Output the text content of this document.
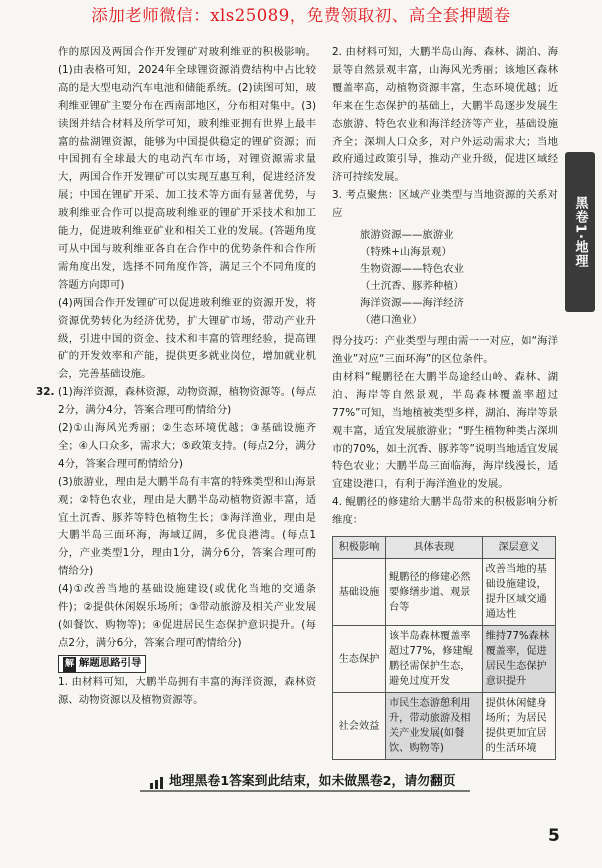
添加老师微信：xls25089，免费领取初、高全套押题卷

作的原因及两国合作开发锂矿对玻利维亚的积极影响。(1)由表格可知，2024年全球锂资源消费结构中占比较高的是大型电动汽车电池和储能系统。(2)读图可知，玻利维亚锂矿主要分布在西南部地区，分布相对集中。(3)读图并结合材料及所学可知，玻利维亚拥有世界上最丰富的盐湖锂资源，能够为中国提供稳定的锂矿资源；而中国拥有全球最大的电动汽车市场，对锂资源需求量大，两国合作开发锂矿可以实现互惠互利，促进经济发展；中国在锂矿开采、加工技术等方面有显著优势，与玻利维亚合作可以提高玻利维亚的锂矿开采技术和加工能力，促进玻利维亚矿业和相关工业的发展。(答题角度可从中国与玻利维亚各自在合作中的优势条件和合作所需角度出发，选择不同角度作答，满足三个不同角度的答题方向即可)

(4)两国合作开发锂矿可以促进玻利维亚的资源开发，将资源优势转化为经济优势，扩大锂矿市场，带动产业升级，引进中国的资金、技术和丰富的管理经验，提高锂矿的开发效率和产能，提供更多就业岗位，增加就业机会，完善基础设施。

32. (1)海洋资源，森林资源，动物资源，植物资源等。(每点2分，满分4分，答案合理可酌情给分)

(2)①山海风光秀丽；②生态环境优越；③基础设施齐全；④人口众多，需求大；⑤政策支持。(每点2分，满分4分，答案合理可酌情给分)

(3)旅游业，理由是大鹏半岛有丰富的特殊类型和山海景观；②特色农业，理由是大鹏半岛动植物资源丰富，适宜土沉香、豚荞等特色植物生长；③海洋渔业，理由是大鹏半岛三面环海，海域辽阔，多优良港湾。(每点1分，产业类型1分，理由1分，满分6分，答案合理可酌情给分)

(4)①改善当地的基础设施建设(或优化当地的交通条件)；②提供休闲娱乐场所；③带动旅游及相关产业发展(如餐饮、购物等)；④促进居民生态保护意识提升。(每点2分，满分6分，答案合理可酌情给分)

解 解题思路引导

1. 由材料可知，大鹏半岛拥有丰富的海洋资源，森林资源、动物资源以及植物资源等。

2. 由材料可知，大鹏半岛山海、森林、湖泊、海景等自然景观丰富，山海风光秀丽；该地区森林覆盖率高，动植物资源丰富，生态环境优越；近年来在生态保护的基础上，大鹏半岛逐步发展生态旅游、特色农业和海洋经济等产业，基础设施齐全；深圳人口众多，对户外运动需求大；当地政府通过政策引导，推动产业升级，促进区域经济可持续发展。

3. 考点聚焦：区域产业类型与当地资源的关系对应

旅游资源——旅游业
（特殊+山海景观）
生物资源——特色农业
（土沉香、豚荞种植）
海洋资源——海洋经济
（港口渔业）

得分技巧：产业类型与理由需一一对应，如“海洋渔业”对应“三面环海”的区位条件。

由材料“鲲鹏径在大鹏半岛途经山岭、森林、湖泊、海岸等自然景观，半岛森林覆盖率超过77%”可知，当地植被类型多样，湖泊、海岸等景观丰富，适宜发展旅游业；“野生植物种类占深圳市的70%，如土沉香、豚荞等”说明当地适宜发展特色农业；大鹏半岛三面临海，海岸线漫长，适宜建设港口，有利于海洋渔业的发展。

4. 鲲鹏径的修建给大鹏半岛带来的积极影响分析维度：

积极影响	具体表现	深层意义
基础设施	鲲鹏径的修建必然要修缮步道、观景台等	改善当地的基础设施建设，提升区域交通通达性
生态保护	该半岛森林覆盖率超过77%，修建鲲鹏径需保护生态，避免过度开发	维持77%森林覆盖率，促进居民生态保护意识提升
社会效益	市民生态游憩利用升，带动旅游及相关产业发展(如餐饮、购物等)	提供休闲健身场所；为居民提供更加宜居的生活环境
黑卷1·地理
地理黑卷1答案到此结束，如未做黑卷2，请勿翻页
5
